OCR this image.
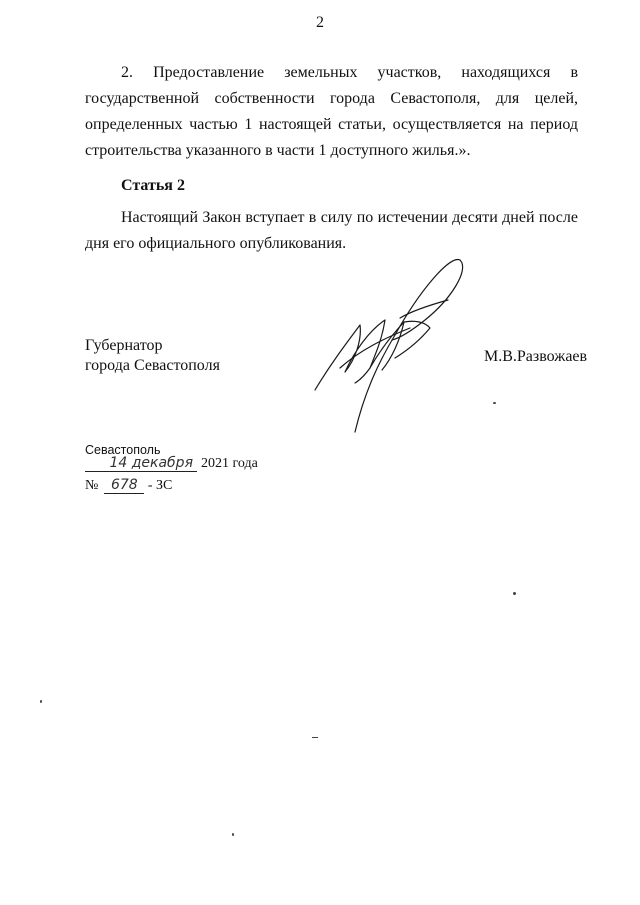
2
2. Предоставление земельных участков, находящихся в государственной собственности города Севастополя, для целей, определенных частью 1 настоящей статьи, осуществляется на период строительства указанного в части 1 доступного жилья.».
Статья 2
Настоящий Закон вступает в силу по истечении десяти дней после дня его официального опубликования.
Губернатор
города Севастополя
М.В.Развожаев
Севастополь
14 декабря 2021 года
№ 678 - ЗС
